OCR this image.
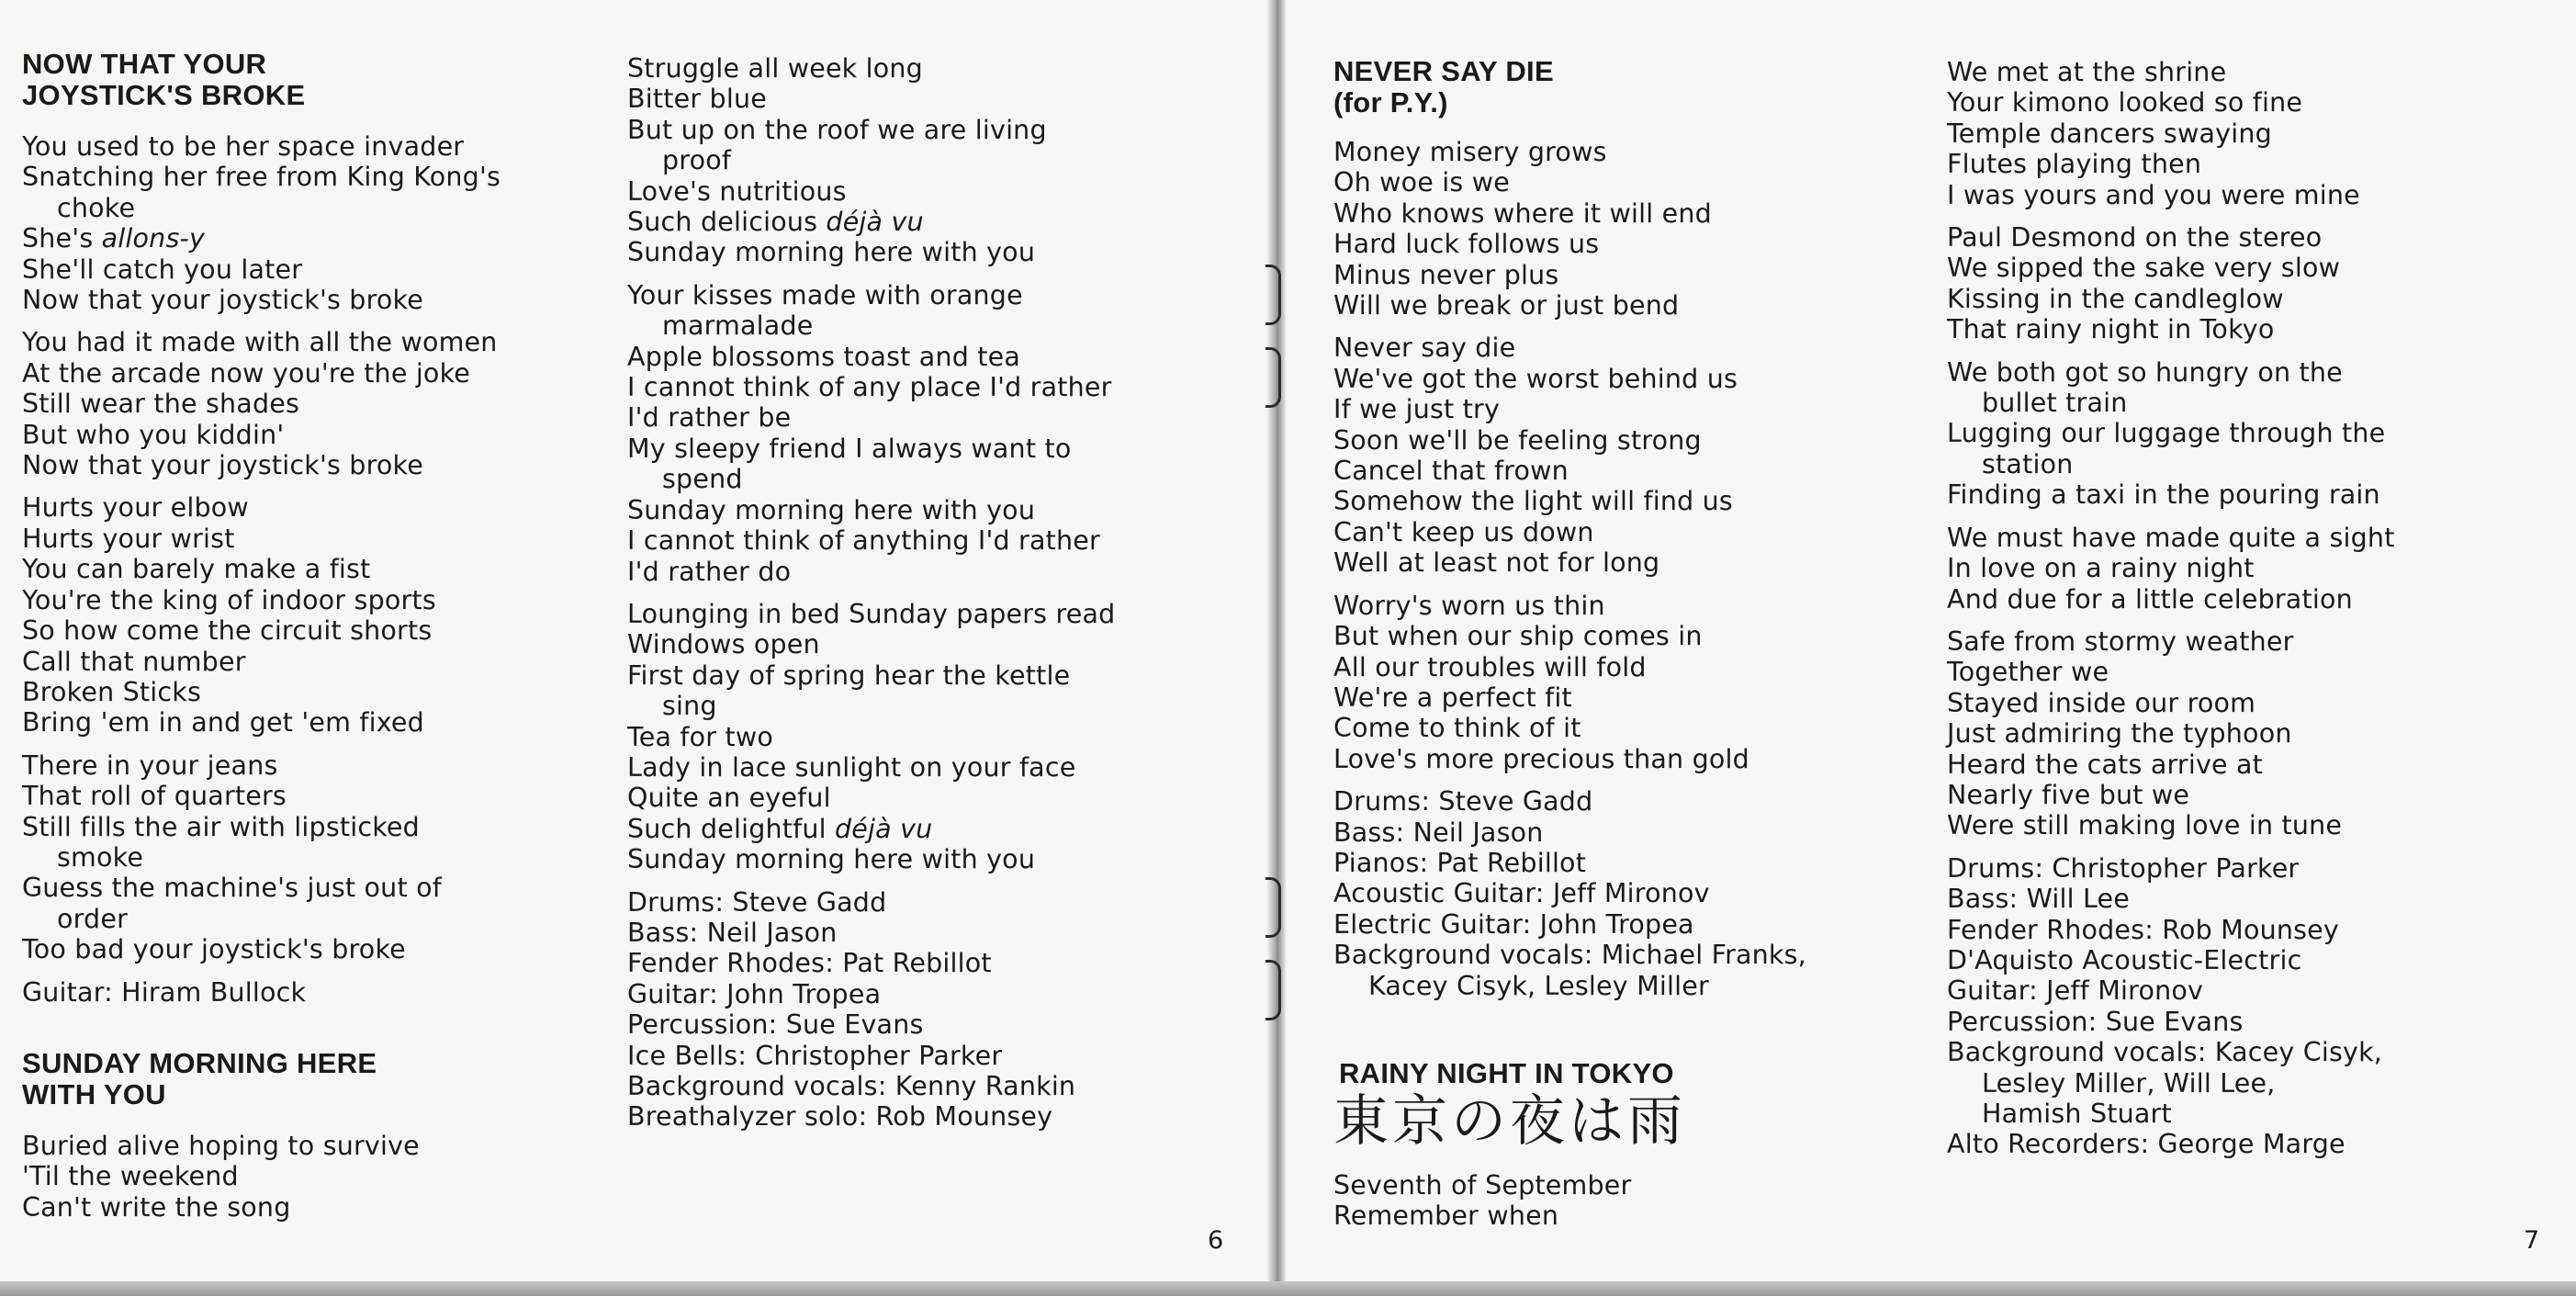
NOW THAT YOUR
JOYSTICK'S BROKE
You used to be her space invader
Snatching her free from King Kong's
choke
She's allons-y
She'll catch you later
Now that your joystick's broke
You had it made with all the women
At the arcade now you're the joke
Still wear the shades
But who you kiddin'
Now that your joystick's broke
Hurts your elbow
Hurts your wrist
You can barely make a fist
You're the king of indoor sports
So how come the circuit shorts
Call that number
Broken Sticks
Bring 'em in and get 'em fixed
There in your jeans
That roll of quarters
Still fills the air with lipsticked
smoke
Guess the machine's just out of
order
Too bad your joystick's broke
Guitar: Hiram Bullock
SUNDAY MORNING HERE
WITH YOU
Buried alive hoping to survive
'Til the weekend
Can't write the song
Struggle all week long
Bitter blue
But up on the roof we are living
proof
Love's nutritious
Such delicious déjà vu
Sunday morning here with you
Your kisses made with orange
marmalade
Apple blossoms toast and tea
I cannot think of any place I'd rather
I'd rather be
My sleepy friend I always want to
spend
Sunday morning here with you
I cannot think of anything I'd rather
I'd rather do
Lounging in bed Sunday papers read
Windows open
First day of spring hear the kettle
sing
Tea for two
Lady in lace sunlight on your face
Quite an eyeful
Such delightful déjà vu
Sunday morning here with you
Drums: Steve Gadd
Bass: Neil Jason
Fender Rhodes: Pat Rebillot
Guitar: John Tropea
Percussion: Sue Evans
Ice Bells: Christopher Parker
Background vocals: Kenny Rankin
Breathalyzer solo: Rob Mounsey
6
NEVER SAY DIE
(for P.Y.)
Money misery grows
Oh woe is we
Who knows where it will end
Hard luck follows us
Minus never plus
Will we break or just bend
Never say die
We've got the worst behind us
If we just try
Soon we'll be feeling strong
Cancel that frown
Somehow the light will find us
Can't keep us down
Well at least not for long
Worry's worn us thin
But when our ship comes in
All our troubles will fold
We're a perfect fit
Come to think of it
Love's more precious than gold
Drums: Steve Gadd
Bass: Neil Jason
Pianos: Pat Rebillot
Acoustic Guitar: Jeff Mironov
Electric Guitar: John Tropea
Background vocals: Michael Franks,
Kacey Cisyk, Lesley Miller
RAINY NIGHT IN TOKYO
東京の夜は雨
Seventh of September
Remember when
We met at the shrine
Your kimono looked so fine
Temple dancers swaying
Flutes playing then
I was yours and you were mine
Paul Desmond on the stereo
We sipped the sake very slow
Kissing in the candleglow
That rainy night in Tokyo
We both got so hungry on the
bullet train
Lugging our luggage through the
station
Finding a taxi in the pouring rain
We must have made quite a sight
In love on a rainy night
And due for a little celebration
Safe from stormy weather
Together we
Stayed inside our room
Just admiring the typhoon
Heard the cats arrive at
Nearly five but we
Were still making love in tune
Drums: Christopher Parker
Bass: Will Lee
Fender Rhodes: Rob Mounsey
D'Aquisto Acoustic-Electric
Guitar: Jeff Mironov
Percussion: Sue Evans
Background vocals: Kacey Cisyk,
Lesley Miller, Will Lee,
Hamish Stuart
Alto Recorders: George Marge
7
